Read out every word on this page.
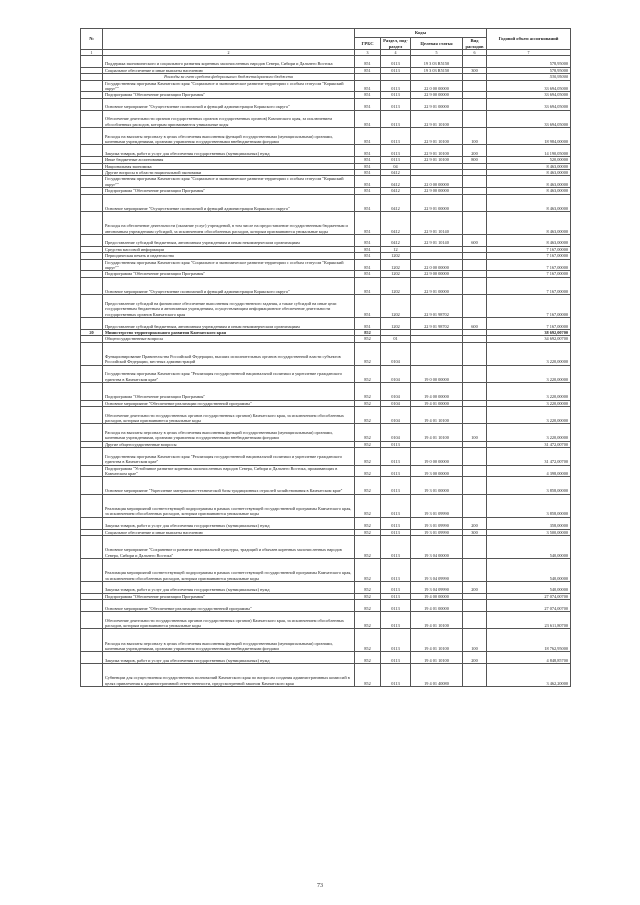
№		Коды				Годовой объем ассигнований
		ГРБС	Раздел, под-раздел	Целевая статья	Вид расходов	
1	2	3	4	5	6	7
	Поддержка экономического и социального развития коренных малочисленных народов Севера, Сибири и Дальнего Востока	851	0113	19 3 03 R5150		578,95000
	Социальное обеспечение и иные выплаты населению	851	0113	19 3 03 R5150	300	578,95000
	Расходы за счет средств федерального бюджета/краевого бюджета					530,95000
	Государственная программа Камчатского края "Социальное и экономическое развитие территории с особым статусом "Корякский округ""	851	0113	22 0 00 00000		33 694,05000
	Подпрограмма "Обеспечение реализации Программы"	851	0113	22 9 00 00000		33 694,05000
	Основное мероприятие "Осуществление полномочий и функций администрации Корякского округа"	851	0113	22 9 01 00000		33 694,05000
	Обеспечение деятельности органов государственных органов государственных органов) Камчатского края, за исключением обособленных расходов, которым присваиваются уникальные коды	851	0113	22 9 01 10100		33 694,05000
	Расходы на выплаты персоналу в целях обеспечения выполнения функций государственными (муниципальными) органами, казенными учреждениями, органами управления государственными внебюджетными фондами	851	0113	22 9 01 10100	100	18 984,00000
	Закупка товаров, работ и услуг для обеспечения государственных (муниципальных) нужд	851	0113	22 9 01 10100	200	14 190,05000
	Иные бюджетные ассигнования	851	0113	22 9 01 10100	800	520,00000
	Национальная экономика	851	04			8 463,00000
	Другие вопросы в области национальной экономики	851	0412			8 463,00000
	Государственная программа Камчатского края "Социальное и экономическое развитие территории с особым статусом "Корякский округ""	851	0412	22 0 00 00000		8 463,00000
	Подпрограмма "Обеспечение реализации Программы"	851	0412	22 9 00 00000		8 463,00000
	Основное мероприятие "Осуществление полномочий и функций администрации Корякского округа"	851	0412	22 9 01 00000		8 463,00000
	Расходы на обеспечение деятельности (оказание услуг) учреждений, в том числе на предоставление государственным бюджетным и автономным учреждениям субсидий, за исключением обособленных расходов, которым присваиваются уникальные коды	851	0412	22 9 01 10140		8 463,00000
	Предоставление субсидий бюджетным, автономным учреждениям и иным некоммерческим организациям	851	0412	22 9 01 10140	600	8 463,00000
	Средства массовой информации	851	12			7 167,00000
	Периодическая печать и издательства	851	1202			7 167,00000
	Государственная программа Камчатского края "Социальное и экономическое развитие территории с особым статусом "Корякский округ""	851	1202	22 0 00 00000		7 167,00000
	Подпрограмма "Обеспечение реализации Программы"	851	1202	22 9 00 00000		7 167,00000
	Основное мероприятие "Осуществление полномочий и функций администрации Корякского округа"	851	1202	22 9 01 00000		7 167,00000
	Предоставление субсидий на финансовое обеспечение выполнения государственного задания, а также субсидий на иные цели государственным бюджетным и автономным учреждениям, осуществляющим информационное обеспечение деятельности государственных органов Камчатского края	851	1202	22 9 01 98702		7 167,00000
	Предоставление субсидий бюджетным, автономным учреждениям и иным некоммерческим организациям	851	1202	22 9 01 98702	600	7 167,00000
20	Министерство территориального развития Камчатского края	852				38 692,00700
	Общегосударственные вопросы	852	01			34 692,00700
	Функционирование Правительства Российской Федерации, высших исполнительных органов государственной власти субъектов Российской Федерации, местных администраций	852	0104			3 220,00000
	Государственная программа Камчатского края "Реализация государственной национальной политики и укрепление гражданского единства в Камчатском крае"	852	0104	19 0 00 00000		3 220,00000
	Подпрограмма "Обеспечение реализации Программы"	852	0104	19 4 00 00000		3 220,00000
	Основное мероприятие "Обеспечение реализации государственной программы"	852	0104	19 4 01 00000		3 220,00000
	Обеспечение деятельности государственных органов государственных органов) Камчатского края, за исключением обособленных расходов, которым присваиваются уникальные коды	852	0104	19 4 01 10100		3 220,00000
	Расходы на выплаты персоналу в целях обеспечения выполнения функций государственными (муниципальными) органами, казенными учреждениями, органами управления государственными внебюджетными фондами	852	0104	19 4 01 10100	100	3 220,00000
	Другие общегосударственные вопросы	852	0113			31 472,00700
	Государственная программа Камчатского края "Реализация государственной национальной политики и укрепление гражданского единства в Камчатском крае"	852	0113	19 0 00 00000		31 472,00700
	Подпрограмма "Устойчивое развитие коренных малочисленных народов Севера, Сибири и Дальнего Востока, проживающих в Камчатском крае"	852	0113	19 3 00 00000		4 398,00000
	Основное мероприятие "Укрепление материально-технической базы традиционных отраслей хозяйствования в Камчатском крае"	852	0113	19 3 01 00000		3 858,00000
	Реализация мероприятий соответствующей подпрограммы в рамках соответствующей государственной программы Камчатского края, за исключением обособленных расходов, которым присваиваются уникальные коды	852	0113	19 3 01 09990		3 858,00000
	Закупка товаров, работ и услуг для обеспечения государственных (муниципальных) нужд	852	0113	19 3 01 09990	200	358,00000
	Социальное обеспечение и иные выплаты населению	852	0113	19 3 01 09990	300	3 500,00000
	Основное мероприятие "Сохранение и развитие национальной культуры, традиций и обычаев коренных малочисленных народов Севера, Сибири и Дальнего Востока"	852	0113	19 3 04 00000		540,00000
	Реализация мероприятий соответствующей подпрограммы в рамках соответствующей государственной программы Камчатского края, за исключением обособленных расходов, которым присваиваются уникальные коды	852	0113	19 3 04 09990		540,00000
	Закупка товаров, работ и услуг для обеспечения государственных (муниципальных) нужд	852	0113	19 3 04 09990	200	540,00000
	Подпрограмма "Обеспечение реализации Программы"	852	0113	19 4 00 00000		27 074,00700
	Основное мероприятие "Обеспечение реализации государственной программы"	852	0113	19 4 01 00000		27 074,00700
	Обеспечение деятельности государственных органов государственных органов) Камчатского края, за исключением обособленных расходов, которым присваиваются уникальные коды	852	0113	19 4 01 10100		23 611,80700
	Расходы на выплаты персоналу в целях обеспечения выполнения функций государственными (муниципальными) органами, казенными учреждениями, органами управления государственными внебюджетными фондами	852	0113	19 4 01 10100	100	18 762,95000
	Закупка товаров, работ и услуг для обеспечения государственных (муниципальных) нужд	852	0113	19 4 01 10100	200	4 848,85700
	Субвенции для осуществления государственных полномочий Камчатского края по вопросам создания административных комиссий в целях привлечения к административной ответственности, предусмотренной законом Камчатского края	852	0113	19 4 01 40080		3 462,20000
73
